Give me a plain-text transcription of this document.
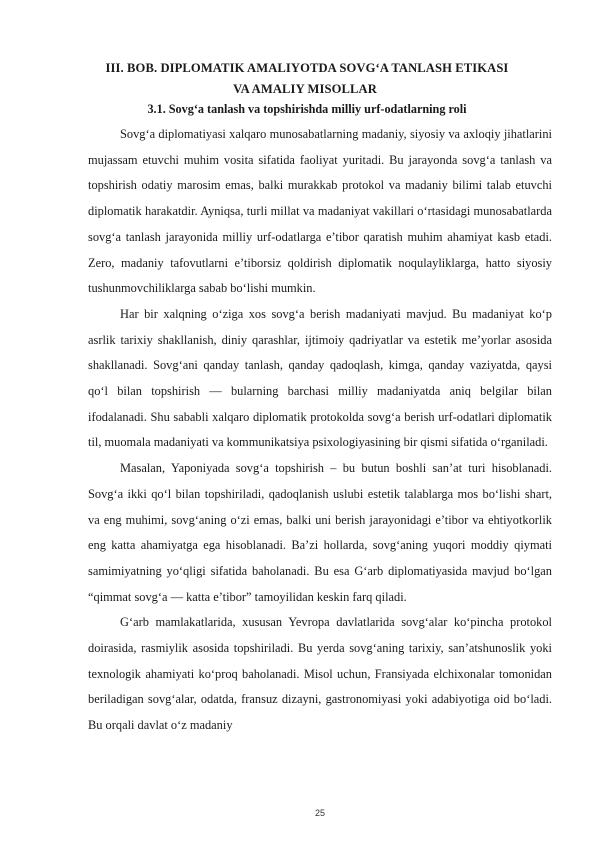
III. BOB. DIPLOMATIK AMALIYOTDA SOVG‘A TANLASH ETIKASI
VA AMALIY MISOLLAR
3.1. Sovg‘a tanlash va topshirishda milliy urf-odatlarning roli

Sovg‘a diplomatiyasi xalqaro munosabatlarning madaniy, siyosiy va axloqiy jihatlarini mujassam etuvchi muhim vosita sifatida faoliyat yuritadi. Bu jarayonda sovg‘a tanlash va topshirish odatiy marosim emas, balki murakkab protokol va madaniy bilimi talab etuvchi diplomatik harakatdir. Ayniqsa, turli millat va madaniyat vakillari o‘rtasidagi munosabatlarda sovg‘a tanlash jarayonida milliy urf-odatlarga e’tibor qaratish muhim ahamiyat kasb etadi. Zero, madaniy tafovutlarni e’tiborsiz qoldirish diplomatik noqulayliklarga, hatto siyosiy tushunmovchiliklarga sabab bo‘lishi mumkin.

Har bir xalqning o‘ziga xos sovg‘a berish madaniyati mavjud. Bu madaniyat ko‘p asrlik tarixiy shakllanish, diniy qarashlar, ijtimoiy qadriyatlar va estetik me’yorlar asosida shakllanadi. Sovg‘ani qanday tanlash, qanday qadoqlash, kimga, qanday vaziyatda, qaysi qo‘l bilan topshirish — bularning barchasi milliy madaniyatda aniq belgilar bilan ifodalanadi. Shu sababli xalqaro diplomatik protokolda sovg‘a berish urf-odatlari diplomatik til, muomala madaniyati va kommunikatsiya psixologiyasining bir qismi sifatida o‘rganiladi.

Masalan, Yaponiyada sovg‘a topshirish – bu butun boshli san’at turi hisoblanadi. Sovg‘a ikki qo‘l bilan topshiriladi, qadoqlanish uslubi estetik talablarga mos bo‘lishi shart, va eng muhimi, sovg‘aning o‘zi emas, balki uni berish jarayonidagi e’tibor va ehtiyotkorlik eng katta ahamiyatga ega hisoblanadi. Ba’zi hollarda, sovg‘aning yuqori moddiy qiymati samimiyatning yo‘qligi sifatida baholanadi. Bu esa G‘arb diplomatiyasida mavjud bo‘lgan “qimmat sovg‘a — katta e’tibor” tamoyilidan keskin farq qiladi.

G‘arb mamlakatlarida, xususan Yevropa davlatlarida sovg‘alar ko‘pincha protokol doirasida, rasmiylik asosida topshiriladi. Bu yerda sovg‘aning tarixiy, san’atshunoslik yoki texnologik ahamiyati ko‘proq baholanadi. Misol uchun, Fransiyada elchixonalar tomonidan beriladigan sovg‘alar, odatda, fransuz dizayni, gastronomiyasi yoki adabiyotiga oid bo‘ladi. Bu orqali davlat o‘z madaniy

25
